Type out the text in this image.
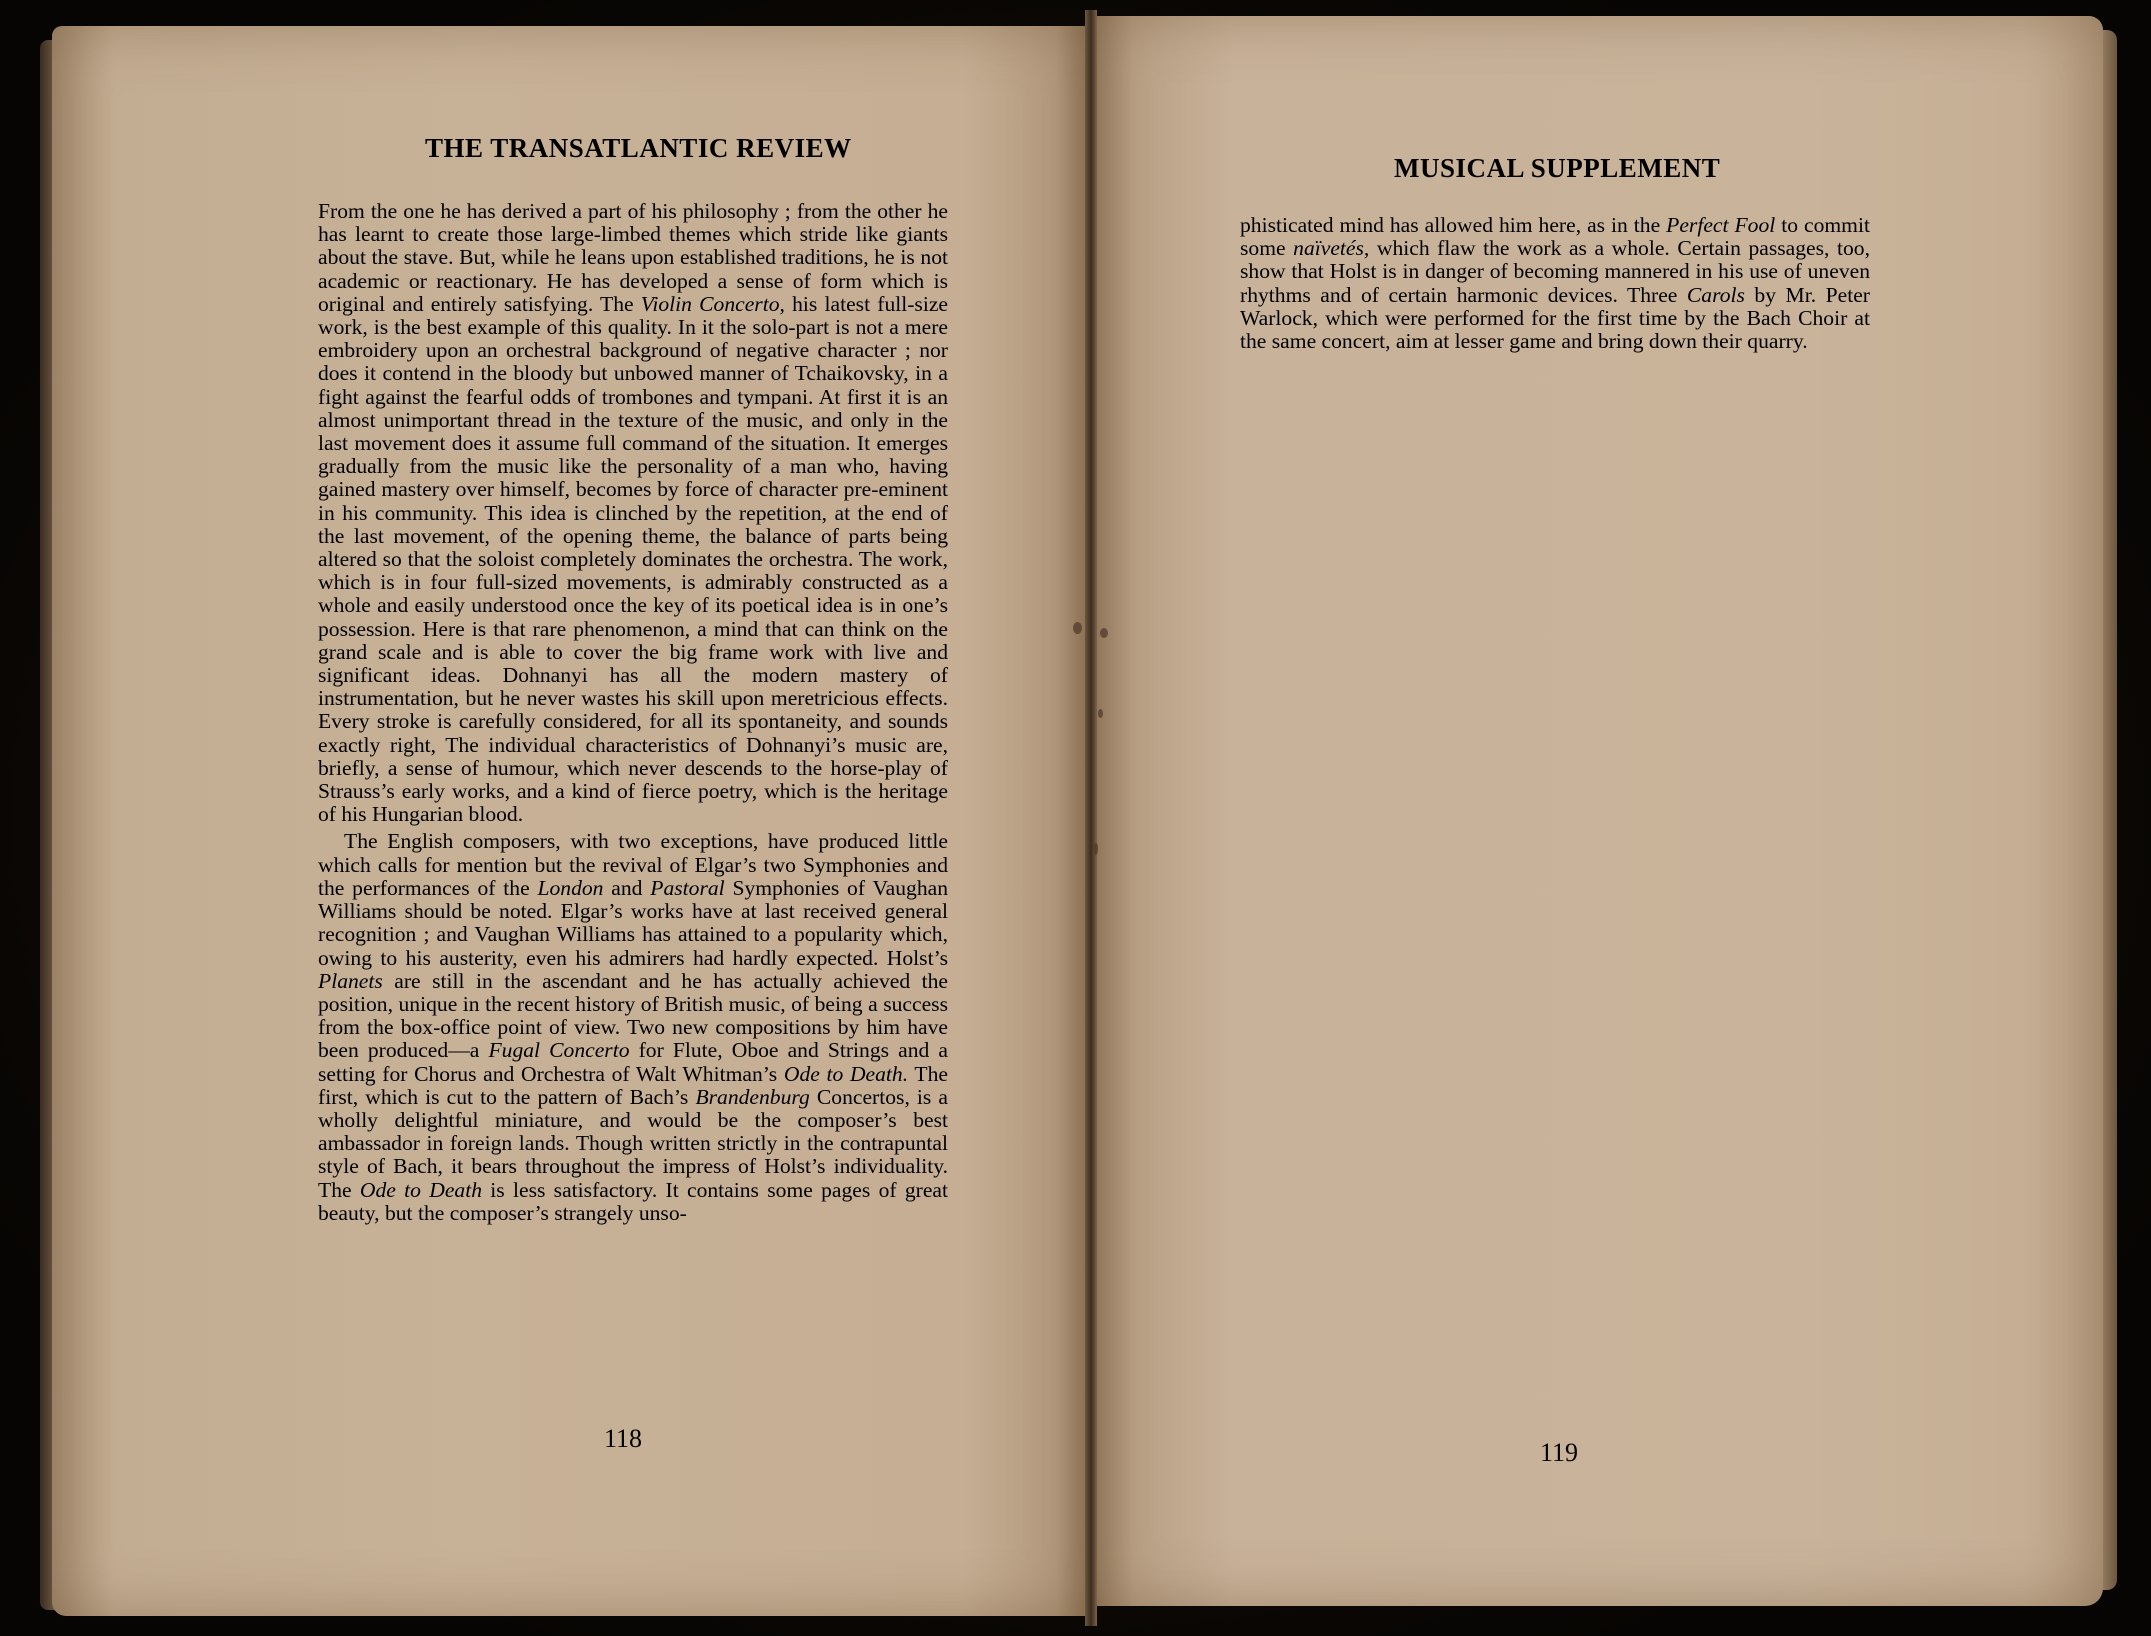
THE TRANSATLANTIC REVIEW

From the one he has derived a part of his philosophy ; from the other he has learnt to create those large-limbed themes which stride like giants about the stave. But, while he leans upon established traditions, he is not academic or reactionary. He has developed a sense of form which is original and entirely satisfying. The Violin Concerto, his latest full-size work, is the best example of this quality. In it the solo-part is not a mere embroidery upon an orchestral background of negative character ; nor does it contend in the bloody but unbowed manner of Tchaikovsky, in a fight against the fearful odds of trombones and tympani. At first it is an almost unimportant thread in the texture of the music, and only in the last movement does it assume full command of the situation. It emerges gradually from the music like the personality of a man who, having gained mastery over himself, becomes by force of character pre-eminent in his community. This idea is clinched by the repetition, at the end of the last movement, of the opening theme, the balance of parts being altered so that the soloist completely dominates the orchestra. The work, which is in four full-sized movements, is admirably constructed as a whole and easily understood once the key of its poetical idea is in one’s possession. Here is that rare phenomenon, a mind that can think on the grand scale and is able to cover the big frame work with live and significant ideas. Dohnanyi has all the modern mastery of instrumentation, but he never wastes his skill upon meretricious effects. Every stroke is carefully considered, for all its spontaneity, and sounds exactly right, The individual characteristics of Dohnanyi’s music are, briefly, a sense of humour, which never descends to the horse-play of Strauss’s early works, and a kind of fierce poetry, which is the heritage of his Hungarian blood.

The English composers, with two exceptions, have produced little which calls for mention but the revival of Elgar’s two Symphonies and the performances of the London and Pastoral Symphonies of Vaughan Williams should be noted. Elgar’s works have at last received general recognition ; and Vaughan Williams has attained to a popularity which, owing to his austerity, even his admirers had hardly expected. Holst’s Planets are still in the ascendant and he has actually achieved the position, unique in the recent history of British music, of being a success from the box-office point of view. Two new compositions by him have been produced—a Fugal Concerto for Flute, Oboe and Strings and a setting for Chorus and Orchestra of Walt Whitman’s Ode to Death. The first, which is cut to the pattern of Bach’s Brandenburg Concertos, is a wholly delightful miniature, and would be the composer’s best ambassador in foreign lands. Though written strictly in the contrapuntal style of Bach, it bears throughout the impress of Holst’s individuality. The Ode to Death is less satisfactory. It contains some pages of great beauty, but the composer’s strangely unso-

118

MUSICAL SUPPLEMENT

phisticated mind has allowed him here, as in the Perfect Fool to commit some naïvetés, which flaw the work as a whole. Certain passages, too, show that Holst is in danger of becoming mannered in his use of uneven rhythms and of certain harmonic devices. Three Carols by Mr. Peter Warlock, which were performed for the first time by the Bach Choir at the same concert, aim at lesser game and bring down their quarry.

119
